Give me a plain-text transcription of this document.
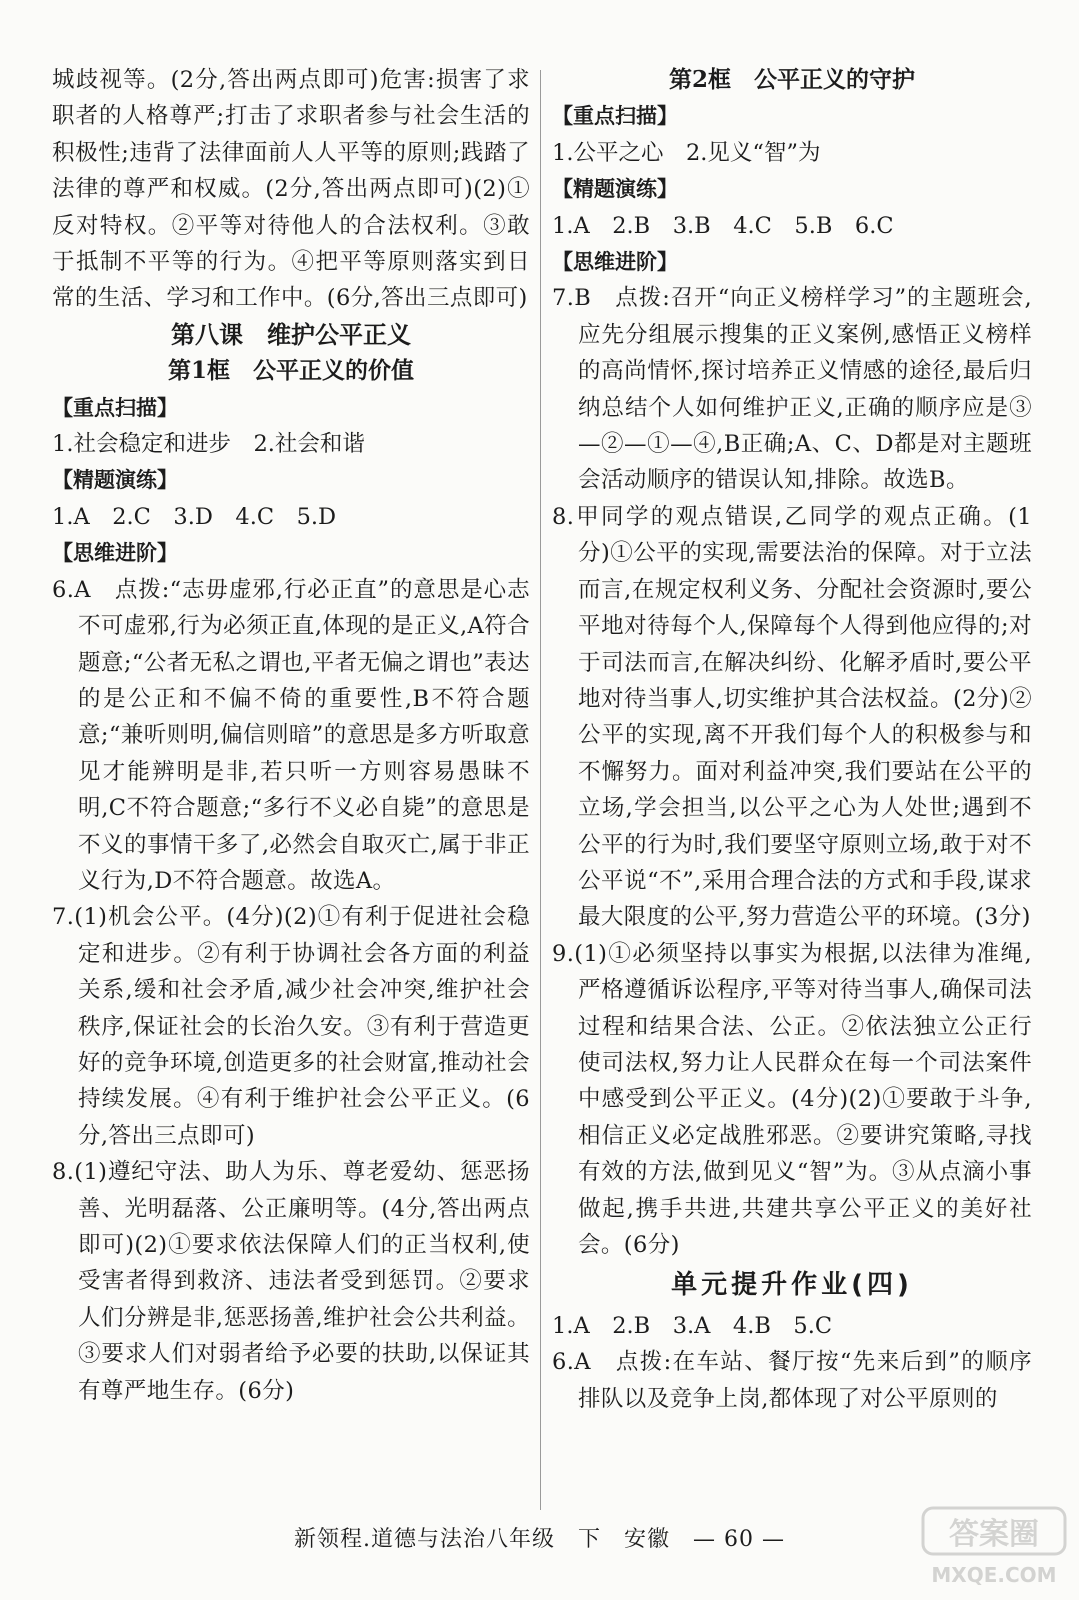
城歧视等。(2分,答出两点即可)危害:损害了求职者的人格尊严;打击了求职者参与社会生活的积极性;违背了法律面前人人平等的原则;践踏了法律的尊严和权威。(2分,答出两点即可)(2)①反对特权。②平等对待他人的合法权利。③敢于抵制不平等的行为。④把平等原则落实到日常的生活、学习和工作中。(6分,答出三点即可)

第八课　维护公平正义

第1框　公平正义的价值

【重点扫描】

1.社会稳定和进步　2.社会和谐

【精题演练】

1.A　2.C　3.D　4.C　5.D

【思维进阶】

6.A　点拨:“志毋虚邪,行必正直”的意思是心志不可虚邪,行为必须正直,体现的是正义,A符合题意;“公者无私之谓也,平者无偏之谓也”表达的是公正和不偏不倚的重要性,B不符合题意;“兼听则明,偏信则暗”的意思是多方听取意见才能辨明是非,若只听一方则容易愚昧不明,C不符合题意;“多行不义必自毙”的意思是不义的事情干多了,必然会自取灭亡,属于非正义行为,D不符合题意。故选A。

7.(1)机会公平。(4分)(2)①有利于促进社会稳定和进步。②有利于协调社会各方面的利益关系,缓和社会矛盾,减少社会冲突,维护社会秩序,保证社会的长治久安。③有利于营造更好的竞争环境,创造更多的社会财富,推动社会持续发展。④有利于维护社会公平正义。(6分,答出三点即可)

8.(1)遵纪守法、助人为乐、尊老爱幼、惩恶扬善、光明磊落、公正廉明等。(4分,答出两点即可)(2)①要求依法保障人们的正当权利,使受害者得到救济、违法者受到惩罚。②要求人们分辨是非,惩恶扬善,维护社会公共利益。③要求人们对弱者给予必要的扶助,以保证其有尊严地生存。(6分)

第2框　公平正义的守护

【重点扫描】

1.公平之心　2.见义“智”为

【精题演练】

1.A　2.B　3.B　4.C　5.B　6.C

【思维进阶】

7.B　点拨:召开“向正义榜样学习”的主题班会,应先分组展示搜集的正义案例,感悟正义榜样的高尚情怀,探讨培养正义情感的途径,最后归纳总结个人如何维护正义,正确的顺序应是③—②—①—④,B正确;A、C、D都是对主题班会活动顺序的错误认知,排除。故选B。

8.甲同学的观点错误,乙同学的观点正确。(1分)①公平的实现,需要法治的保障。对于立法而言,在规定权利义务、分配社会资源时,要公平地对待每个人,保障每个人得到他应得的;对于司法而言,在解决纠纷、化解矛盾时,要公平地对待当事人,切实维护其合法权益。(2分)②公平的实现,离不开我们每个人的积极参与和不懈努力。面对利益冲突,我们要站在公平的立场,学会担当,以公平之心为人处世;遇到不公平的行为时,我们要坚守原则立场,敢于对不公平说“不”,采用合理合法的方式和手段,谋求最大限度的公平,努力营造公平的环境。(3分)

9.(1)①必须坚持以事实为根据,以法律为准绳,严格遵循诉讼程序,平等对待当事人,确保司法过程和结果合法、公正。②依法独立公正行使司法权,努力让人民群众在每一个司法案件中感受到公平正义。(4分)(2)①要敢于斗争,相信正义必定战胜邪恶。②要讲究策略,寻找有效的方法,做到见义“智”为。③从点滴小事做起,携手共进,共建共享公平正义的美好社会。(6分)

单元提升作业(四)

1.A　2.B　3.A　4.B　5.C

6.A　点拨:在车站、餐厅按“先来后到”的顺序排队以及竞争上岗,都体现了对公平原则的

新领程.道德与法治八年级　下　安徽　— 60 —	答案圈
MXQE.COM
